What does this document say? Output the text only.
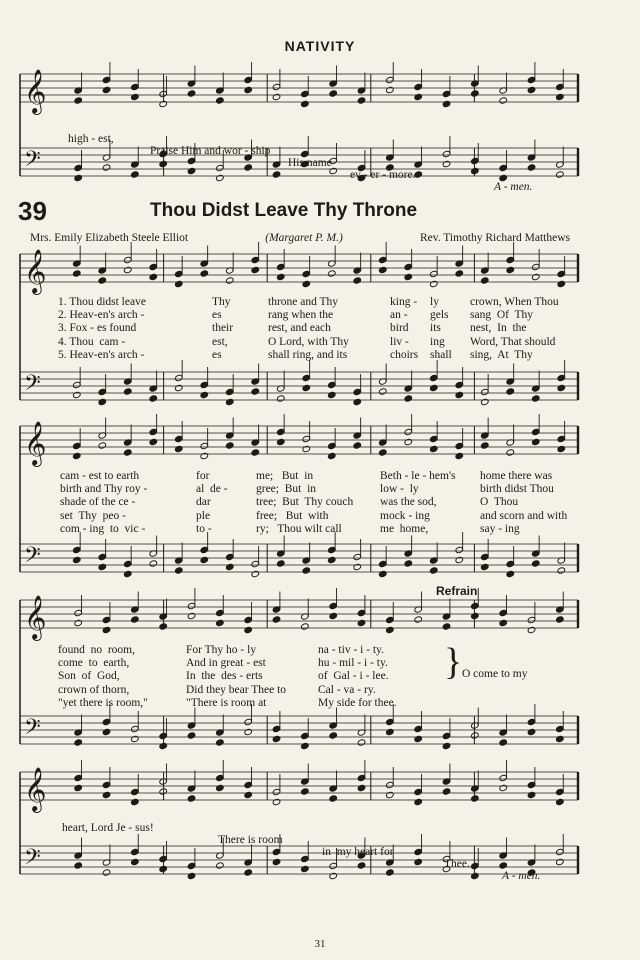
NATIVITY
𝄞
𝄢
𝄞
𝄢
𝄞
𝄢
𝄞
𝄢
𝄞
𝄢

high - est,

Praise Him and wor - ship

His name

ev - er - more.

A - men.

39	Thou Didst Leave Thy Throne
Mrs. Emily Elizabeth Steele Elliot	(Margaret P. M.)	Rev. Timothy Richard Matthews
1. Thou didst leave	Thy	throne and Thy	king - ly	crown, When Thou
2. Heav-en's arch -	es	rang when the	an - gels sang  Of  Thy
3. Fox - es found	their	rest, and each	bird its	nest,  In  the
4. Thou  cam -	est,	O Lord, with Thy	liv - ing Word, That should
5. Heav-en's arch -	es	shall ring, and its	choirs shall sing,  At  Thy
cam - est to earth	for	me;   But  in	Beth - le - hem's home there was
birth and Thy roy -	al  de - gree;  But  in	low -  ly	birth didst Thou
shade of the ce -	dar	tree;  But  Thy couch was the sod,	O  Thou
set  Thy  peo -	ple	free;   But  with	mock - ing	and scorn and with
com - ing  to  vic -	to -	ry;   Thou wilt call	me  home,	say - ing
found  no  room,	For Thy ho - ly	na - tiv - i - ty.
come  to  earth,	And in great - est	hu - mil - i - ty.
Son  of  God,	In  the  des - erts	of  Gal - i - lee.
crown of thorn,	Did they bear Thee to	Cal - va - ry.
"yet there is room,"	"There is room at	My side for thee.
Refrain
} O come to my

heart, Lord Je - sus!

There is room

in  my heart for

Thee.

A - men.

31
